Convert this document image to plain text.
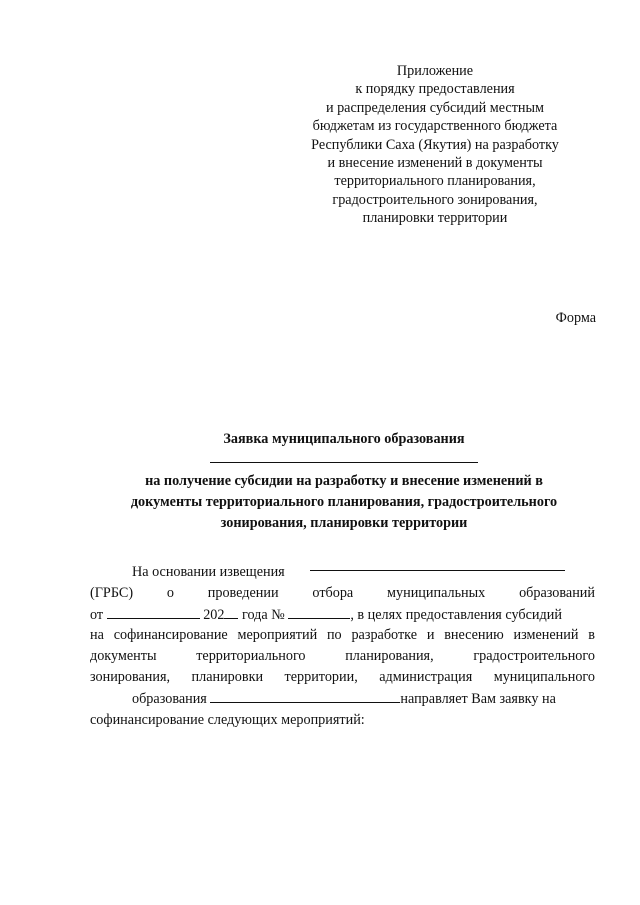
Приложение
к порядку предоставления
и распределения субсидий местным
бюджетам из государственного бюджета
Республики Саха (Якутия) на разработку
и внесение изменений в документы
территориального планирования,
градостроительного зонирования,
планировки территории
Форма
Заявка муниципального образования
на получение субсидии на разработку и внесение изменений в
документы территориального планирования, градостроительного
зонирования, планировки территории
На основании извещения
(ГРБС) о проведении отбора муниципальных образований
от	202 года №	, в целях предоставления субсидий
на софинансирование мероприятий по разработке и внесению изменений в
документы	территориального	планирования,	градостроительного
зонирования, планировки территории, администрация муниципального
образования	направляет Вам заявку на
софинансирование следующих мероприятий:
